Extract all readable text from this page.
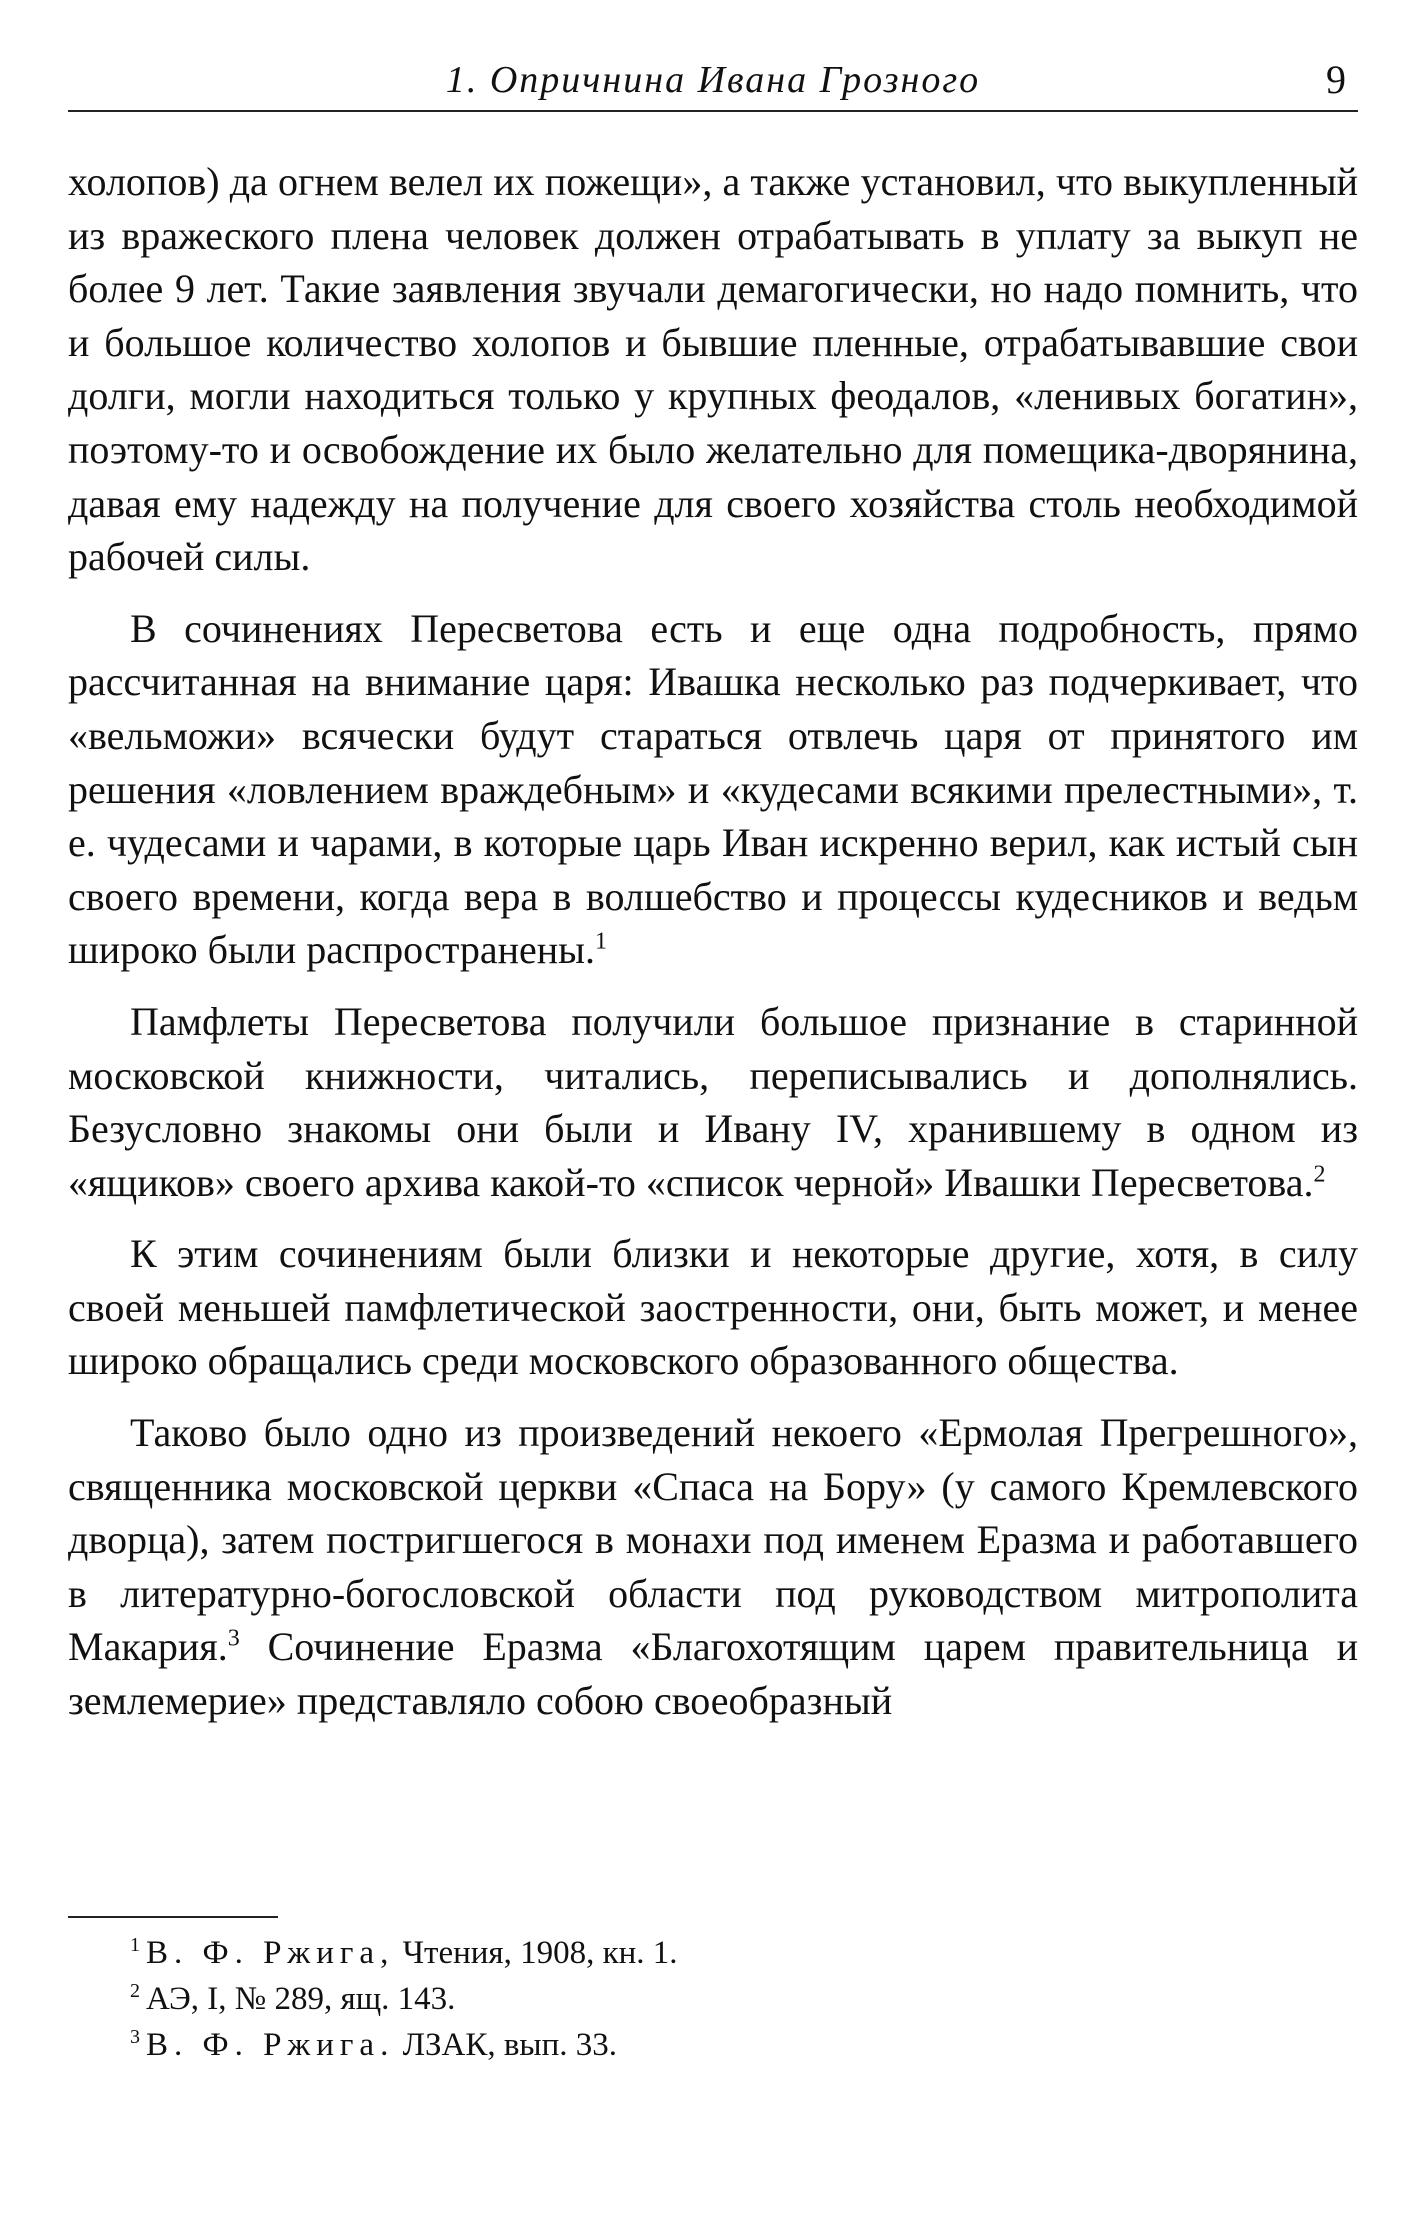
1. Опричнина Ивана Грозного	9

холопов) да огнем велел их пожещи», а также установил, что выкупленный из вражеского плена человек должен отрабатывать в уплату за выкуп не более 9 лет. Такие заявления звучали демагогически, но надо помнить, что и большое количество холопов и бывшие пленные, отрабатывавшие свои долги, могли находиться только у крупных феодалов, «ленивых богатин», поэтому-то и освобождение их было желательно для помещика-дворянина, давая ему надежду на получение для своего хозяйства столь необходимой рабочей силы.

В сочинениях Пересветова есть и еще одна подробность, прямо рассчитанная на внимание царя: Ивашка несколько раз подчеркивает, что «вельможи» всячески будут стараться отвлечь царя от принятого им решения «ловлением враждебным» и «кудесами всякими прелестными», т. е. чудесами и чарами, в которые царь Иван искренно верил, как истый сын своего времени, когда вера в волшебство и процессы кудесников и ведьм широко были распространены.$^1$

Памфлеты Пересветова получили большое признание в старинной московской книжности, читались, переписывались и дополнялись. Безусловно знакомы они были и Ивану IV, хранившему в одном из «ящиков» своего архива какой-то «список черной» Ивашки Пересветова.$^2$

К этим сочинениям были близки и некоторые другие, хотя, в силу своей меньшей памфлетической заостренности, они, быть может, и менее широко обращались среди московского образованного общества.

Таково было одно из произведений некоего «Ермолая Прегрешного», священника московской церкви «Спаса на Бору» (у самого Кремлевского дворца), затем постригшегося в монахи под именем Еразма и работавшего в литературно-богословской области под руководством митрополита Макария.$^3$ Сочинение Еразма «Благохотящим царем правительница и землемерие» представляло собою своеобразный

$^1$ В. Ф. Ржига, Чтения, 1908, кн. 1.

$^2$ АЭ, I, № 289, ящ. 143.

$^3$ В. Ф. Ржига. ЛЗАК, вып. 33.
